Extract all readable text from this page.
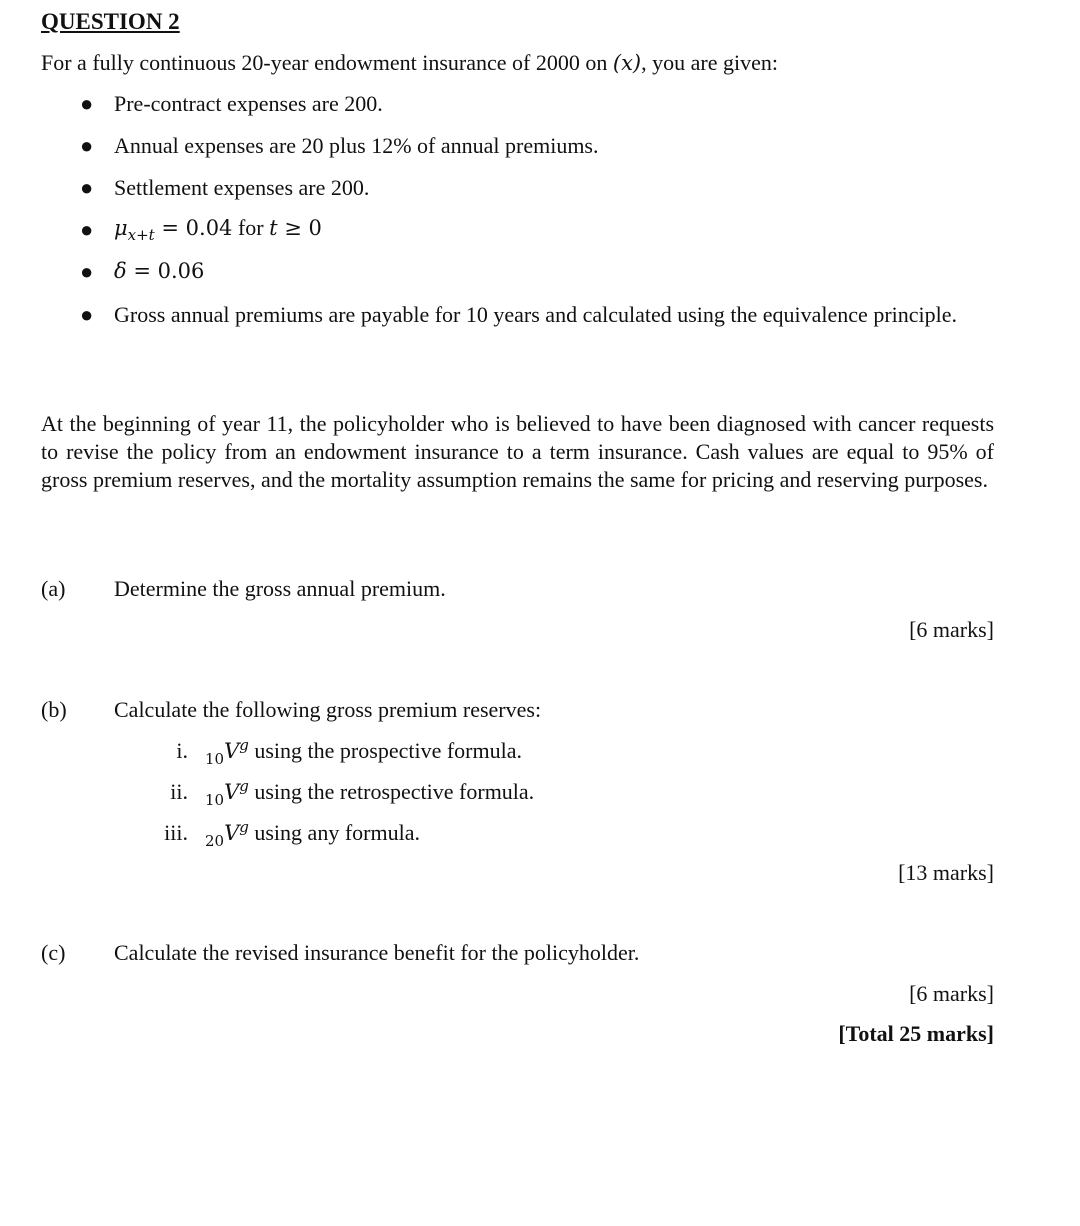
QUESTION 2
For a fully continuous 20-year endowment insurance of 2000 on (x), you are given:
● Pre-contract expenses are 200.
● Annual expenses are 20 plus 12% of annual premiums.
● Settlement expenses are 200.
● $\mu_{x+t} = 0.04$ for t ≥ 0
● δ = 0.06
● Gross annual premiums are payable for 10 years and calculated using the equivalence principle.
At the beginning of year 11, the policyholder who is believed to have been diagnosed with cancer requests to revise the policy from an endowment insurance to a term insurance. Cash values are equal to 95% of gross premium reserves, and the mortality assumption remains the same for pricing and reserving purposes.
(a) Determine the gross annual premium.
[6 marks]
(b) Calculate the following gross premium reserves:
i. $_{10}V^g$ using the prospective formula.
ii. $_{10}V^g$ using the retrospective formula.
iii. $_{20}V^g$ using any formula.
[13 marks]
(c) Calculate the revised insurance benefit for the policyholder.
[6 marks]
[Total 25 marks]
